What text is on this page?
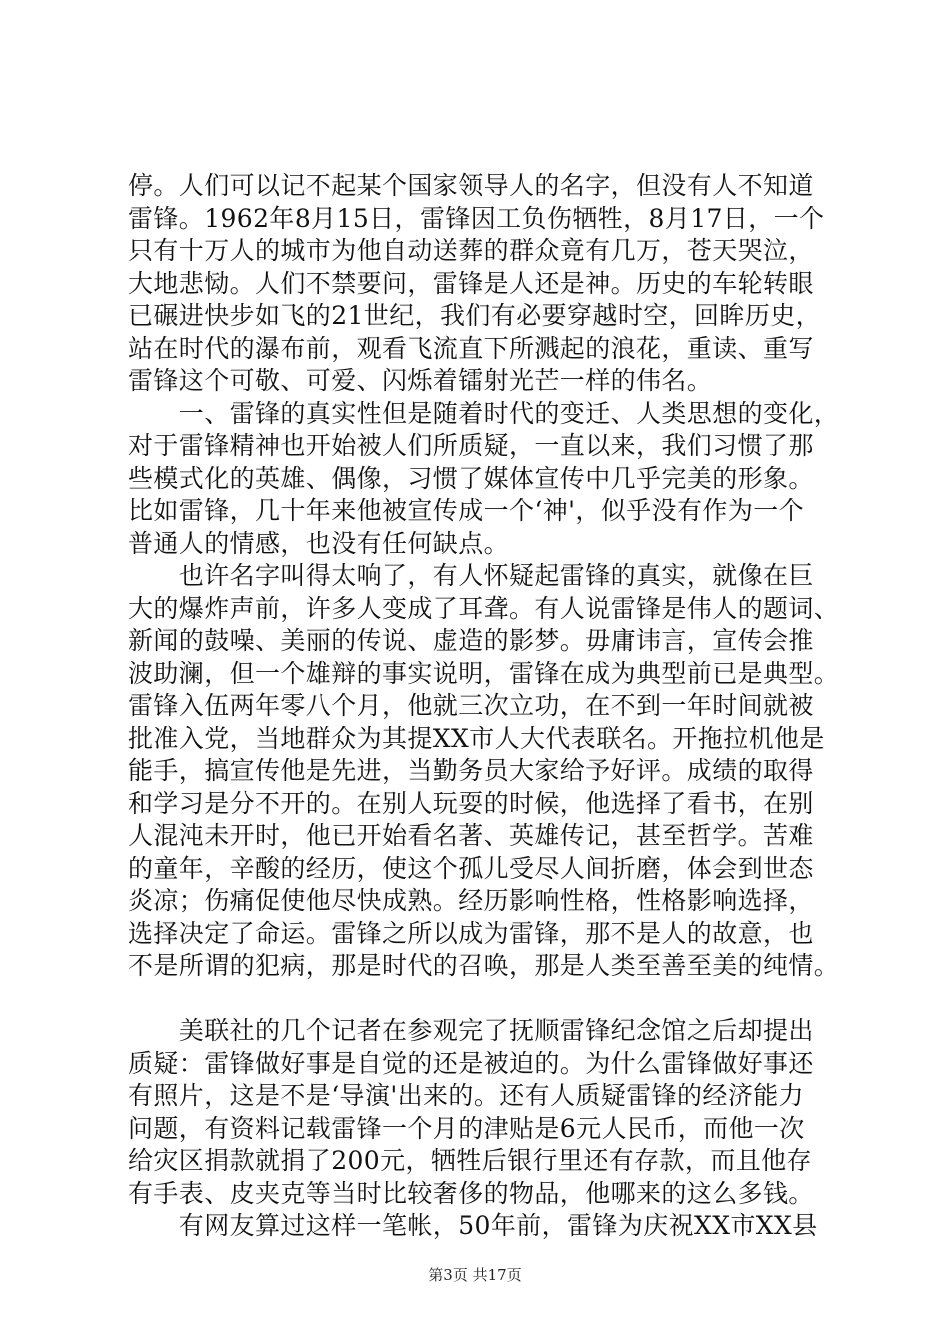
停。人们可以记不起某个国家领导人的名字，但没有人不知道
雷锋。1962年8月15日，雷锋因工负伤牺牲，8月17日，一个
只有十万人的城市为他自动送葬的群众竟有几万，苍天哭泣，
大地悲恸。人们不禁要问，雷锋是人还是神。历史的车轮转眼
已碾进快步如飞的21世纪，我们有必要穿越时空，回眸历史，
站在时代的瀑布前，观看飞流直下所溅起的浪花，重读、重写
雷锋这个可敬、可爱、闪烁着镭射光芒一样的伟名。
　　一、雷锋的真实性但是随着时代的变迁、人类思想的变化，
对于雷锋精神也开始被人们所质疑，一直以来，我们习惯了那
些模式化的英雄、偶像，习惯了媒体宣传中几乎完美的形象。
比如雷锋，几十年来他被宣传成一个‘神'，似乎没有作为一个
普通人的情感，也没有任何缺点。
　　也许名字叫得太响了，有人怀疑起雷锋的真实，就像在巨
大的爆炸声前，许多人变成了耳聋。有人说雷锋是伟人的题词、
新闻的鼓噪、美丽的传说、虚造的影梦。毋庸讳言，宣传会推
波助澜，但一个雄辩的事实说明，雷锋在成为典型前已是典型。
雷锋入伍两年零八个月，他就三次立功，在不到一年时间就被
批准入党，当地群众为其提XX市人大代表联名。开拖拉机他是
能手，搞宣传他是先进，当勤务员大家给予好评。成绩的取得
和学习是分不开的。在别人玩耍的时候，他选择了看书，在别
人混沌未开时，他已开始看名著、英雄传记，甚至哲学。苦难
的童年，辛酸的经历，使这个孤儿受尽人间折磨，体会到世态
炎凉；伤痛促使他尽快成熟。经历影响性格，性格影响选择，
选择决定了命运。雷锋之所以成为雷锋，那不是人的故意，也
不是所谓的犯病，那是时代的召唤，那是人类至善至美的纯情。
　　美联社的几个记者在参观完了抚顺雷锋纪念馆之后却提出
质疑：雷锋做好事是自觉的还是被迫的。为什么雷锋做好事还
有照片，这是不是‘导演'出来的。还有人质疑雷锋的经济能力
问题，有资料记载雷锋一个月的津贴是6元人民币，而他一次
给灾区捐款就捐了200元，牺牲后银行里还有存款，而且他存
有手表、皮夹克等当时比较奢侈的物品，他哪来的这么多钱。
　　有网友算过这样一笔帐，50年前，雷锋为庆祝XX市XX县
第3页 共17页
